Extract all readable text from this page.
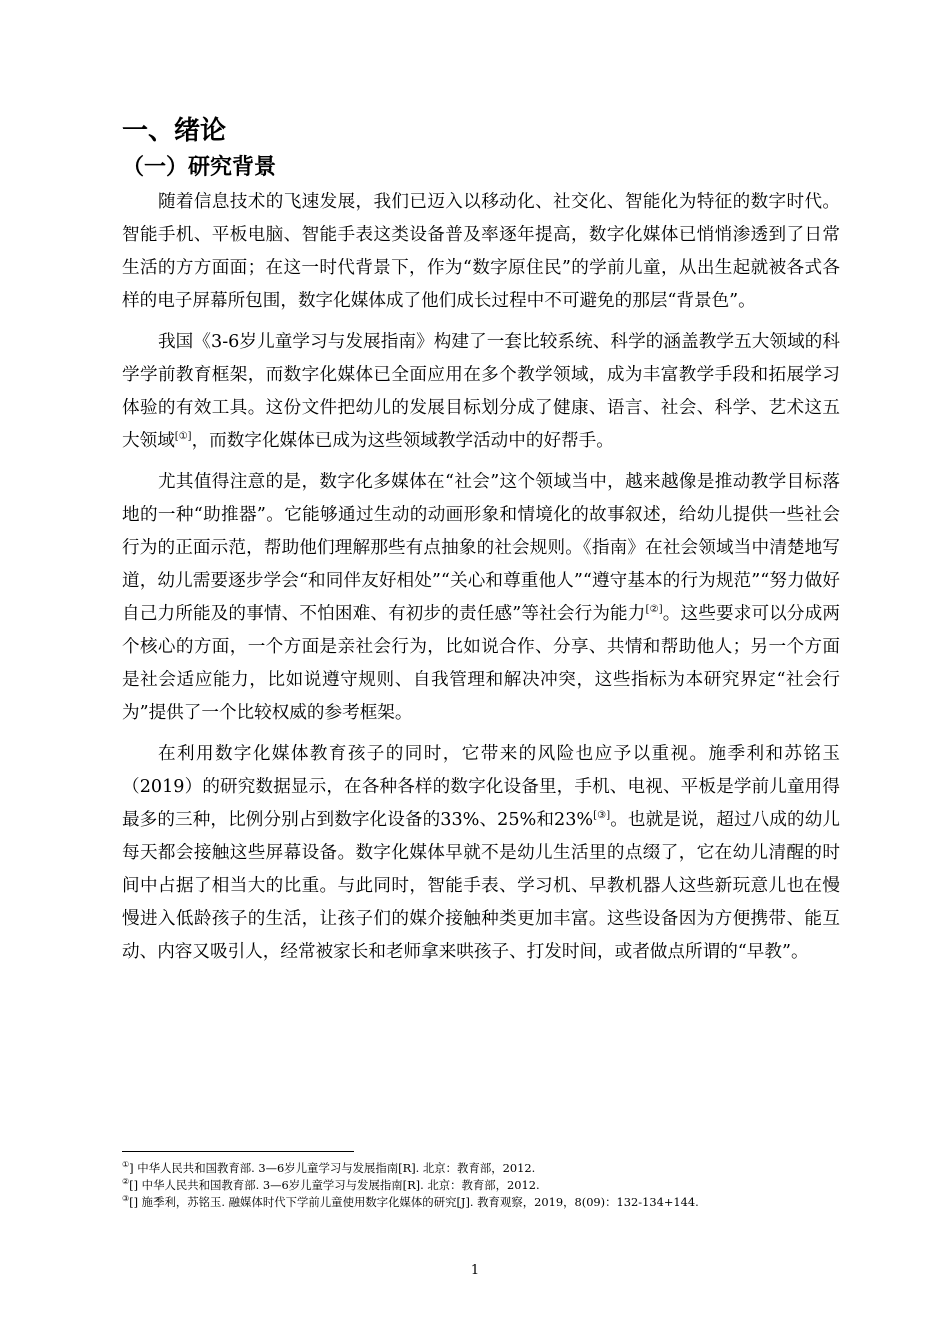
一、绪论
（一）研究背景

随着信息技术的飞速发展，我们已迈入以移动化、社交化、智能化为特征的数字时代。智能手机、平板电脑、智能手表这类设备普及率逐年提高，数字化媒体已悄悄渗透到了日常生活的方方面面；在这一时代背景下，作为“数字原住民”的学前儿童，从出生起就被各式各样的电子屏幕所包围，数字化媒体成了他们成长过程中不可避免的那层“背景色”。

我国《3-6岁儿童学习与发展指南》构建了一套比较系统、科学的涵盖教学五大领域的科学学前教育框架，而数字化媒体已全面应用在多个教学领域，成为丰富教学手段和拓展学习体验的有效工具。这份文件把幼儿的发展目标划分成了健康、语言、社会、科学、艺术这五大领域[①]，而数字化媒体已成为这些领域教学活动中的好帮手。

尤其值得注意的是，数字化多媒体在“社会”这个领域当中，越来越像是推动教学目标落地的一种“助推器”。它能够通过生动的动画形象和情境化的故事叙述，给幼儿提供一些社会行为的正面示范，帮助他们理解那些有点抽象的社会规则。《指南》在社会领域当中清楚地写道，幼儿需要逐步学会“和同伴友好相处”“关心和尊重他人”“遵守基本的行为规范”“努力做好自己力所能及的事情、不怕困难、有初步的责任感”等社会行为能力[②]。这些要求可以分成两个核心的方面，一个方面是亲社会行为，比如说合作、分享、共情和帮助他人；另一个方面是社会适应能力，比如说遵守规则、自我管理和解决冲突，这些指标为本研究界定“社会行为”提供了一个比较权威的参考框架。

在利用数字化媒体教育孩子的同时，它带来的风险也应予以重视。施季利和苏铭玉（2019）的研究数据显示，在各种各样的数字化设备里，手机、电视、平板是学前儿童用得最多的三种，比例分别占到数字化设备的33%、25%和23%[③]。也就是说，超过八成的幼儿每天都会接触这些屏幕设备。数字化媒体早就不是幼儿生活里的点缀了，它在幼儿清醒的时间中占据了相当大的比重。与此同时，智能手表、学习机、早教机器人这些新玩意儿也在慢慢进入低龄孩子的生活，让孩子们的媒介接触种类更加丰富。这些设备因为方便携带、能互动、内容又吸引人，经常被家长和老师拿来哄孩子、打发时间，或者做点所谓的“早教”。

①] 中华人民共和国教育部. 3—6岁儿童学习与发展指南[R]. 北京：教育部，2012.

②[] 中华人民共和国教育部. 3—6岁儿童学习与发展指南[R]. 北京：教育部，2012.

③[] 施季利，苏铭玉. 融媒体时代下学前儿童使用数字化媒体的研究[J]. 教育观察，2019，8(09)：132-134+144.

1
